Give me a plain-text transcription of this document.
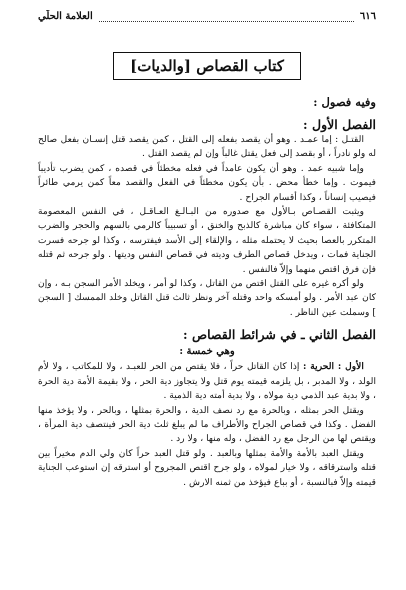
٦١٦
العلامة الحلّي
كتاب القصاص [والديات]
وفيه فصول :
الفصل الأول :

القتـل : إما عمـد . وهو أن يقصد بفعله إلى القتل ، كمن يقصد قتل إنسـان بفعل صالح له ولو نادراً ، أو بقصد إلى فعل يقتل غالباً وإن لم يقصد القتل .

وإما شبيه عمد . وهو أن يكون عامداً في فعله مخطئاً في قصده ، كمن يضرب تأديباً فيموت . وإما خطأ محض . بأن يكون مخطئاً في الفعل والقصد معاً كمن يرمي طائراً فيصيب إنساناً ، وكذا أقسام الجراح .

ويثبت القصـاص بـالأول مع صدوره من البـالـغ العـاقـل ، في النفس المعصومة المتكافئة ، سواء كان مباشرة كالذبح والخنق ، أو تسبيباً كالرمي بالسهم والحجر والضرب المتكرر بالعصا بحيث لا يحتمله مثله ، والإلقاء إلى الأسد فيفترسه ، وكذا لو جرحه فسرت الجناية فمات ، ويدخل قصاص الطرف وديته في قصاص النفس وديتها . ولو جرحه ثم قتله فإن فرق اقتص منهما وإلاّ فالنفس .

ولو أكره غيره على القتل اقتص من القاتل ، وكذا لو أمر ، ويخلد الأمر السجن بـه ، وإن كان عبد الأمر . ولو أمسكه واحد وقتله آخر ونظر ثالث قتل القاتل وخلد الممسك [ السجن ] وسملت عين الناظر .

الفصل الثاني ـ في شرائط القصاص :
وهي خمسة :

الأول : الحرية : إذا كان القاتل حراً ، فلا يقتص من الحر للعبـد ، ولا للمكاتب ، ولا لأم الولد ، ولا المدبر ، بل يلزمه قيمته يوم قتل ولا يتجاوز دية الحر ، ولا بقيمة الأمة دية الحرة ، ولا بدية عبد الذمي دية مولاه ، ولا بدية أمته دية الذمية .

ويقتل الحر بمثله ، وبالحرة مع رد نصف الدية ، والحرة بمثلها ، وبالحر ، ولا يؤخذ منها الفضل . وكذا في قصاص الجراح والأطراف ما لم يبلغ ثلث دية الحر فينتصف دية المرأة ، ويقتص لها من الرجل مع رد الفضل ، وله منها ، ولا رد .

ويقتل العبد بالأمة والأمة بمثلها وبالعبد . ولو قتل العبد حراً كان ولي الدم مخيراً بين قتله واسترقاقه ، ولا خيار لمولاه ، ولو جرح اقتص المجروح أو استرقه إن استوعب الجناية قيمته وإلاّ فبالنسبة ، أو بباع فيؤخذ من ثمنه الارش .
